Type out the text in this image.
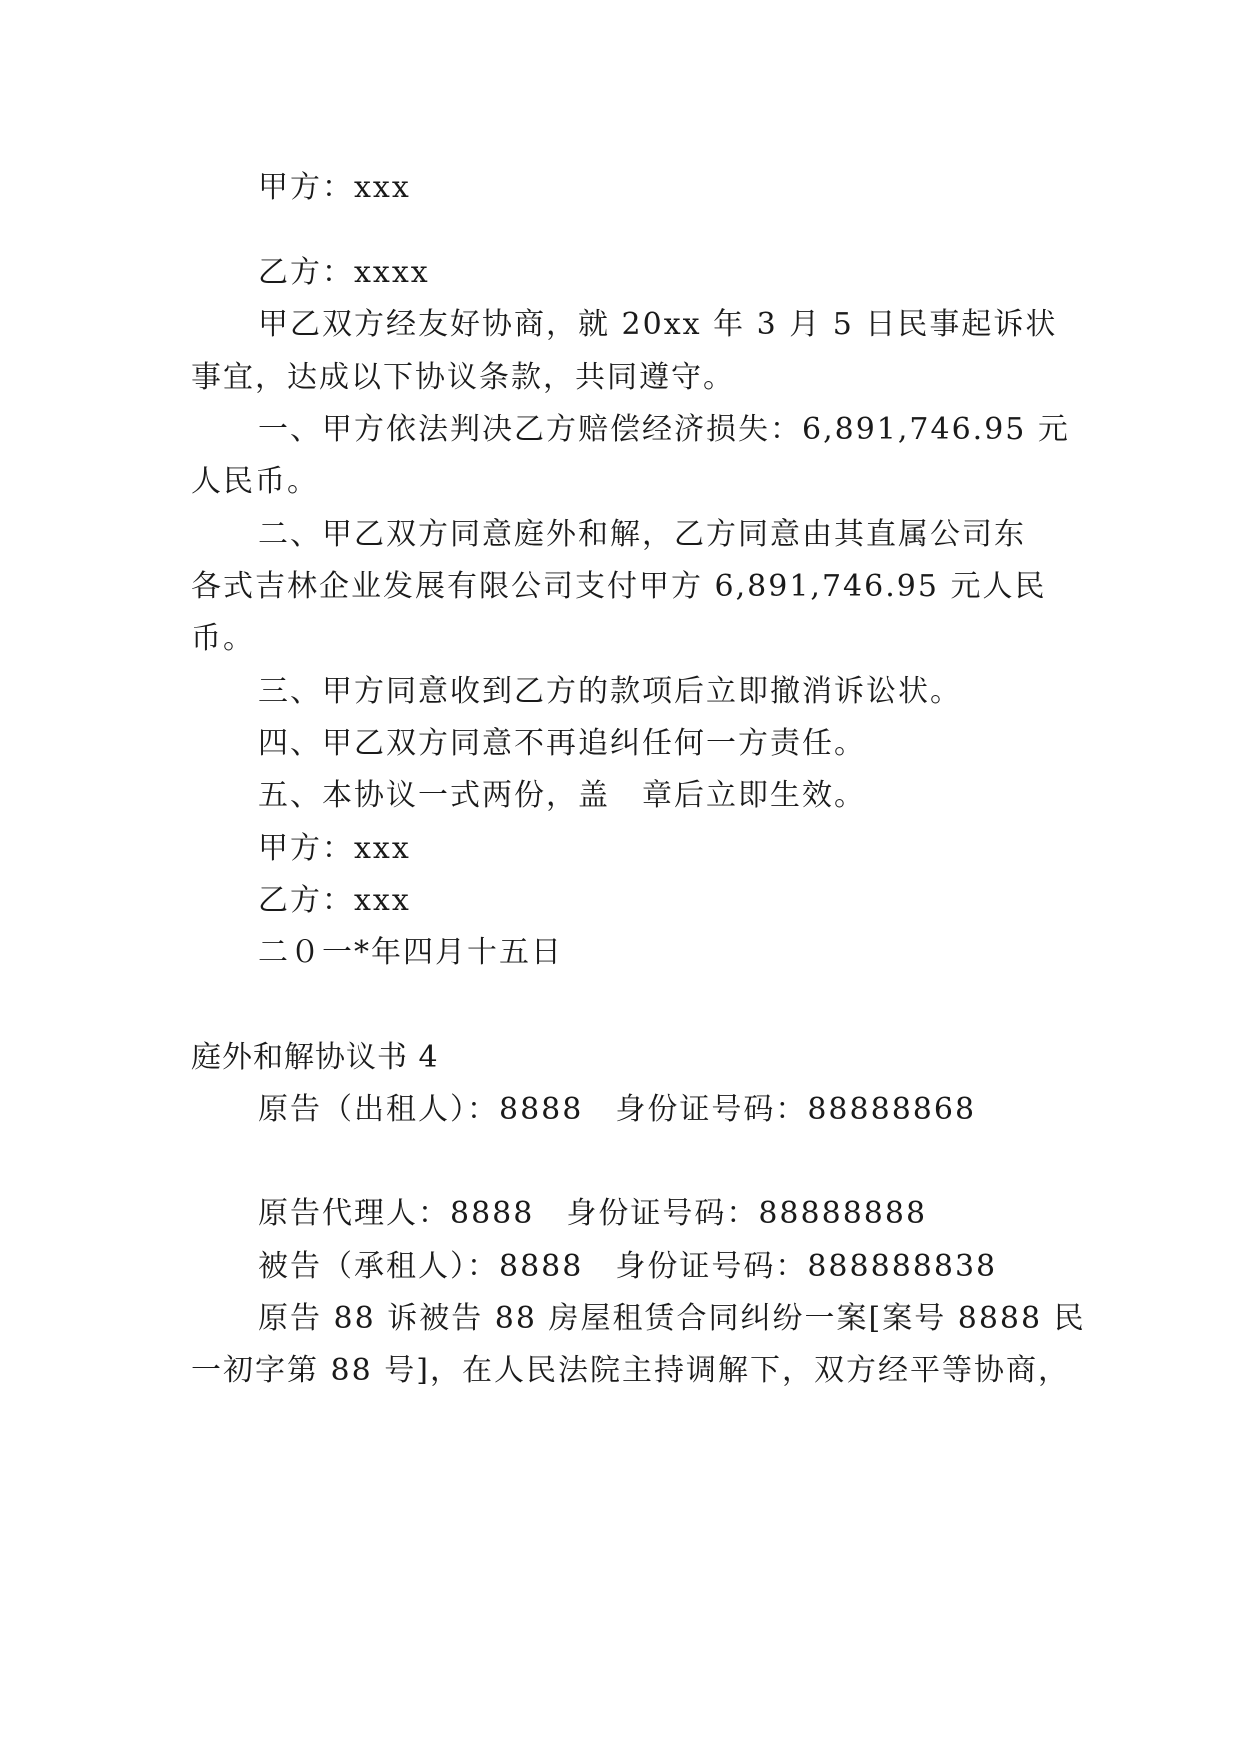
甲方：xxx
乙方：xxxx
甲乙双方经友好协商，就 20xx 年 3 月 5 日民事起诉状
事宜，达成以下协议条款，共同遵守。
一、甲方依法判决乙方赔偿经济损失：6,891,746.95 元
人民币。
二、甲乙双方同意庭外和解，乙方同意由其直属公司东
各式吉林企业发展有限公司支付甲方 6,891,746.95 元人民
币。
三、甲方同意收到乙方的款项后立即撤消诉讼状。
四、甲乙双方同意不再追纠任何一方责任。
五、本协议一式两份，盖　章后立即生效。
甲方：xxx
乙方：xxx
二０一*年四月十五日
庭外和解协议书 4
原告（出租人）：8888　身份证号码：88888868
原告代理人：8888　身份证号码：88888888
被告（承租人）：8888　身份证号码：888888838
原告 88 诉被告 88 房屋租赁合同纠纷一案[案号 8888 民
一初字第 88 号]，在人民法院主持调解下，双方经平等协商，
